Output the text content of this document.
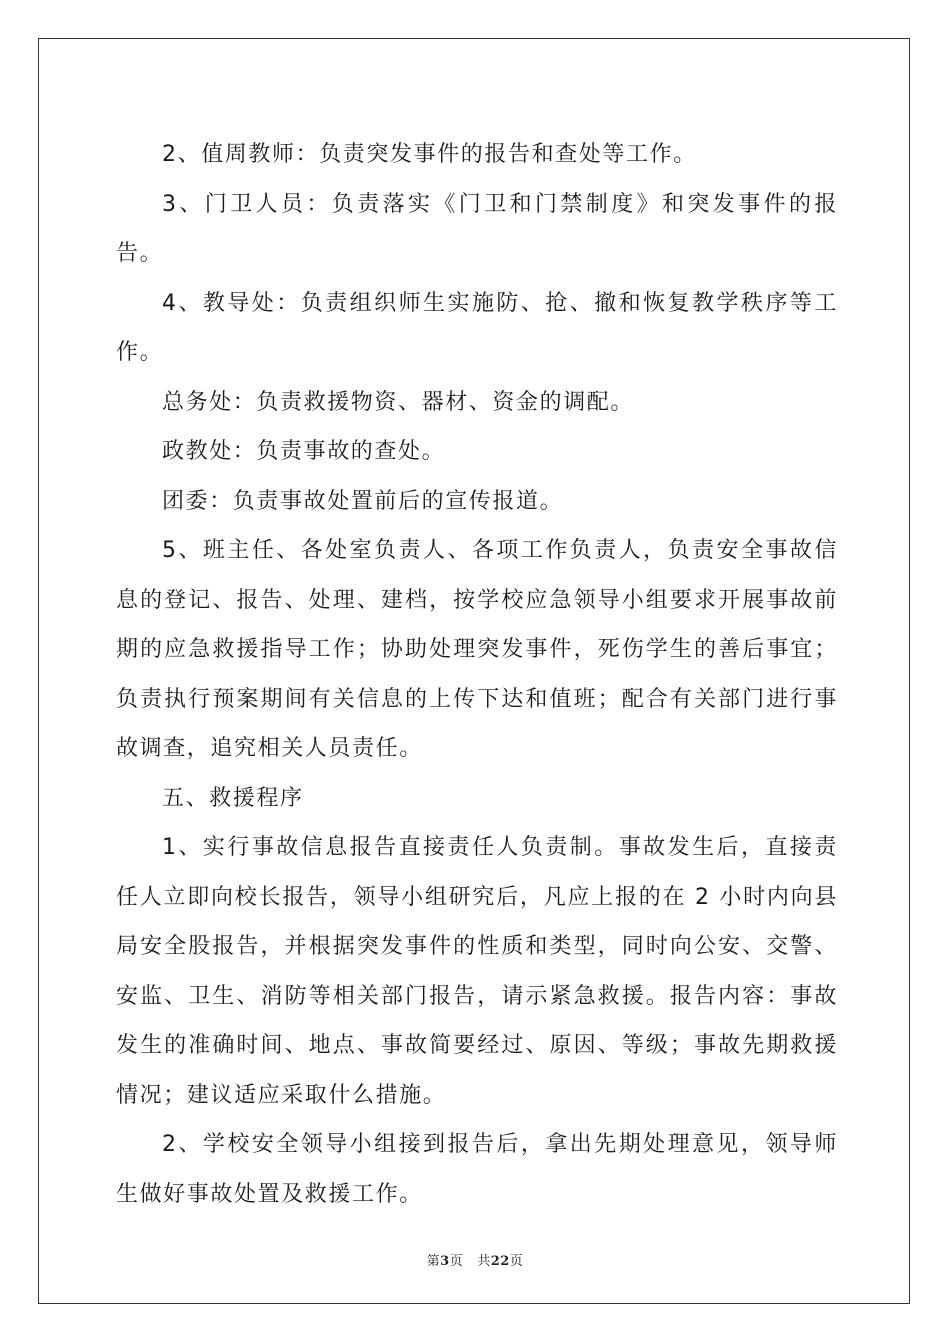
2、值周教师：负责突发事件的报告和查处等工作。

3、门卫人员：负责落实《门卫和门禁制度》和突发事件的报告。

4、教导处：负责组织师生实施防、抢、撤和恢复教学秩序等工作。

总务处：负责救援物资、器材、资金的调配。

政教处：负责事故的查处。

团委：负责事故处置前后的宣传报道。

5、班主任、各处室负责人、各项工作负责人，负责安全事故信息的登记、报告、处理、建档，按学校应急领导小组要求开展事故前期的应急救援指导工作；协助处理突发事件，死伤学生的善后事宜；负责执行预案期间有关信息的上传下达和值班；配合有关部门进行事故调查，追究相关人员责任。

五、救援程序

1、实行事故信息报告直接责任人负责制。事故发生后，直接责任人立即向校长报告，领导小组研究后，凡应上报的在 2 小时内向县局安全股报告，并根据突发事件的性质和类型，同时向公安、交警、安监、卫生、消防等相关部门报告，请示紧急救援。报告内容：事故发生的准确时间、地点、事故简要经过、原因、等级；事故先期救援情况；建议适应采取什么措施。

2、学校安全领导小组接到报告后，拿出先期处理意见，领导师生做好事故处置及救援工作。

第3页 共22页
